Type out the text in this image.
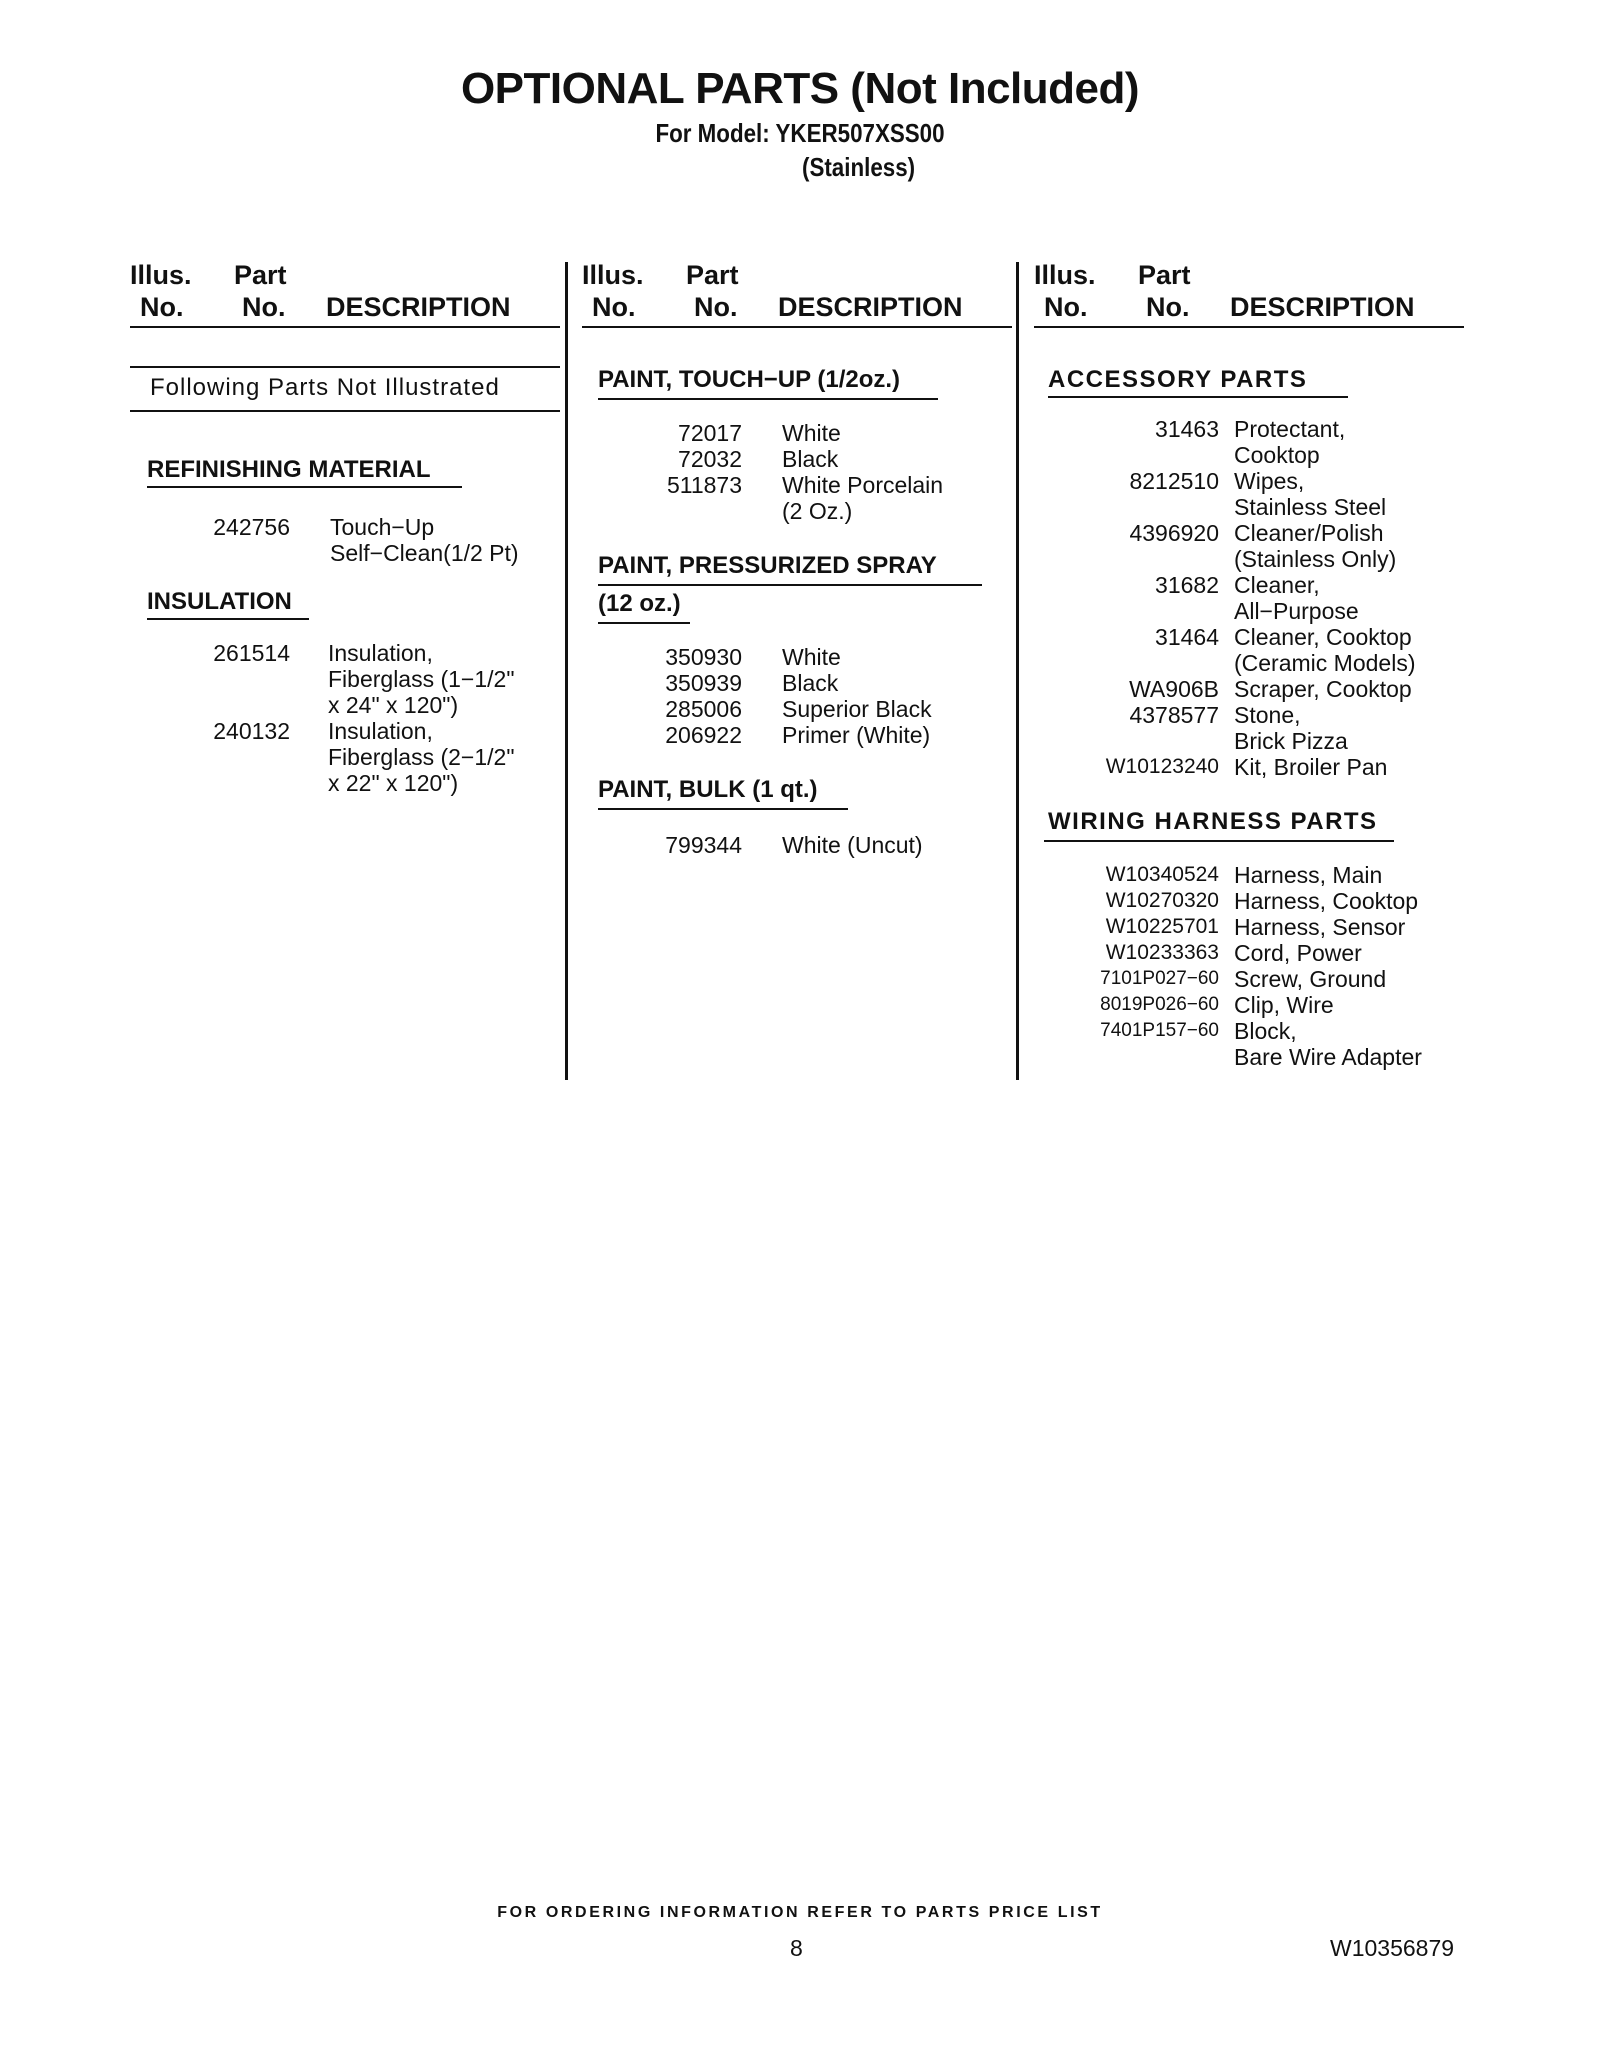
OPTIONAL PARTS (Not Included)
For Model: YKER507XSS00
(Stainless)
Illus.
No.
Part
No. DESCRIPTION
Following Parts Not Illustrated
REFINISHING MATERIAL
242756 Touch−Up
Self−Clean(1/2 Pt)
INSULATION
261514 Insulation,
Fiberglass (1−1/2"
x 24" x 120")
240132 Insulation,
Fiberglass (2−1/2"
x 22" x 120")
Illus.
No.
Part
No. DESCRIPTION
PAINT, TOUCH−UP (1/2oz.)
72017 White
72032 Black
511873 White Porcelain
(2 Oz.)
PAINT, PRESSURIZED SPRAY
(12 oz.)
350930 White
350939 Black
285006 Superior Black
206922 Primer (White)
PAINT, BULK (1 qt.)
799344 White (Uncut)
Illus.
No.
Part
No. DESCRIPTION
ACCESSORY PARTS
31463 Protectant,
Cooktop
8212510 Wipes,
Stainless Steel
4396920 Cleaner/Polish
(Stainless Only)
31682 Cleaner,
All−Purpose
31464 Cleaner, Cooktop
(Ceramic Models)
WA906B Scraper, Cooktop
4378577 Stone,
Brick Pizza
W10123240 Kit, Broiler Pan
WIRING HARNESS PARTS
W10340524 Harness, Main
W10270320 Harness, Cooktop
W10225701 Harness, Sensor
W10233363 Cord, Power
7101P027−60 Screw, Ground
8019P026−60 Clip, Wire
7401P157−60 Block,
Bare Wire Adapter
FOR ORDERING INFORMATION REFER TO PARTS PRICE LIST
8	W10356879
